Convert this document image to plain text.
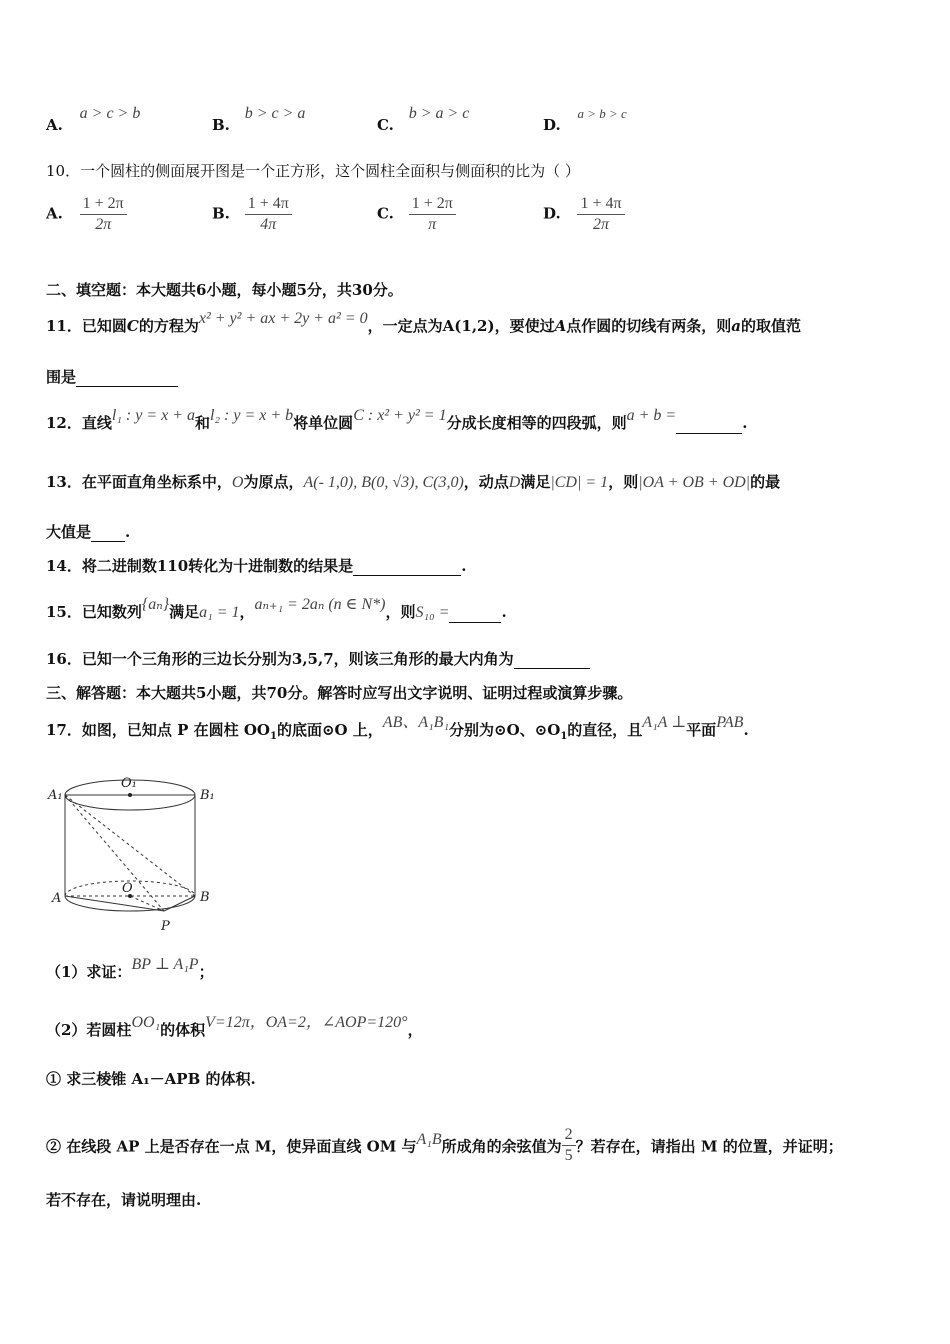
A. a > c > b
B. b > c > a
C. b > a > c
D. a > b > c
10．一个圆柱的侧面展开图是一个正方形，这个圆柱全面积与侧面积的比为（ ）
A. $\frac{1 + 2\pi}{2\pi}$	B. $\frac{1 + 4\pi}{4\pi}$	C. $\frac{1 + 2\pi}{\pi}$	D. $\frac{1 + 4\pi}{2\pi}$
二、填空题：本大题共6小题，每小题5分，共30分。
11．已知圆C的方程为x² + y² + ax + 2y + a² = 0，一定点为A(1,2)，要使过A点作圆的切线有两条，则a的取值范
围是
12．直线l₁ : y = x + a和l₂ : y = x + b将单位圆C : x² + y² = 1分成长度相等的四段弧，则a + b =	.
13．在平面直角坐标系中，O为原点，A(- 1,0), B(0, √3), C(3,0)，动点D满足|CD| = 1，则|OA + OB + OD|的最
大值是 .
14．将二进制数110转化为十进制数的结果是	.
15．已知数列{aₙ}满足a₁ = 1，aₙ₊₁ = 2aₙ (n ∈ N*)，则S₁₀ =	.
16．已知一个三角形的三边长分别为3,5,7，则该三角形的最大内角为
三、解答题：本大题共5小题，共70分。解答时应写出文字说明、证明过程或演算步骤。
17．如图，已知点 P 在圆柱 $OO_1$的底面⊙O 上，AB、A₁B₁分别为⊙O、$⊙O_1$的直径，且A₁A ⊥平面PAB.
O₁
A₁	B₁
O
A	B
P
（1）求证：BP ⊥ A₁P；
（2）若圆柱OO₁的体积V=12π，OA=2，∠AOP=120°，
① 求三棱锥 A₁－APB 的体积.
② 在线段 AP 上是否存在一点 M，使异面直线 OM 与A₁B所成角的余弦值为 $\frac{2}{5}$ ？若存在，请指出 M 的位置，并证明；
若不存在，请说明理由.
